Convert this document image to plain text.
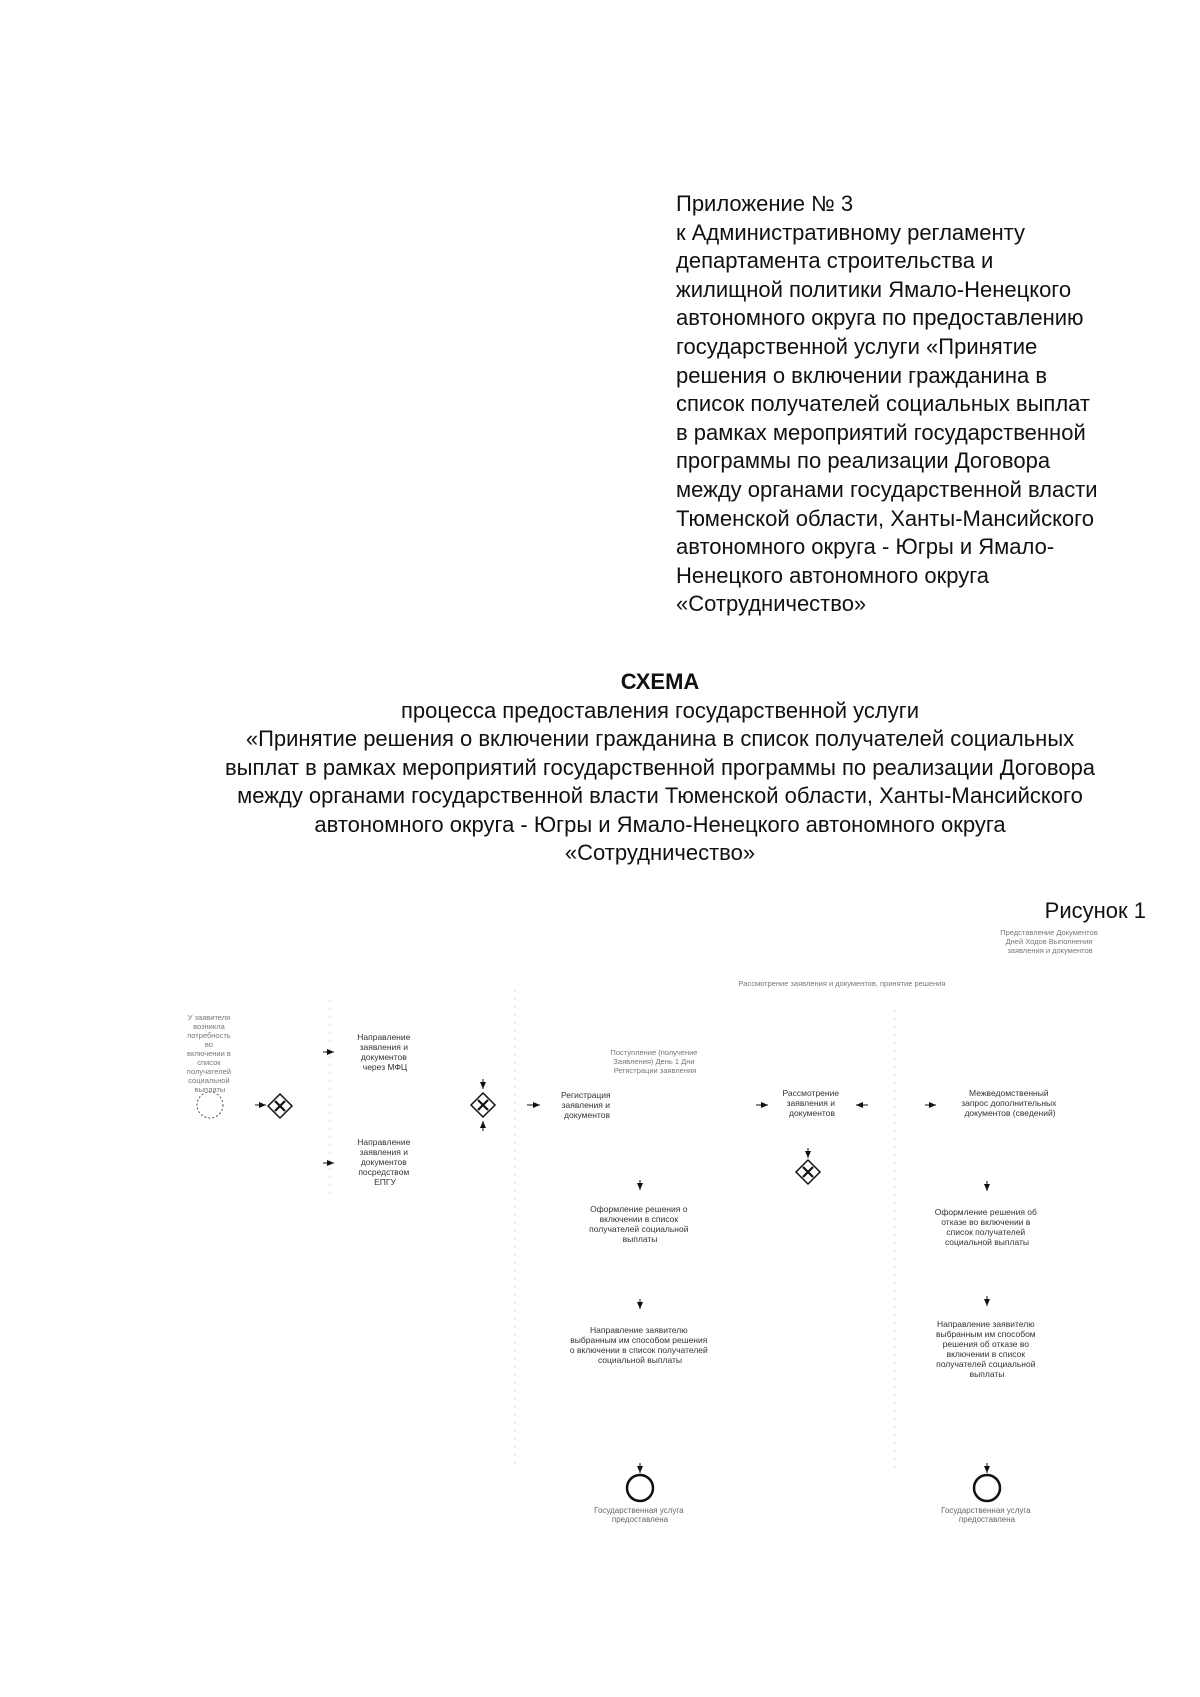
Приложение № 3
к Административному регламенту
департамента строительства и
жилищной политики Ямало-Ненецкого
автономного округа по предоставлению
государственной услуги «Принятие
решения о включении гражданина в
список получателей социальных выплат
в рамках мероприятий государственной
программы по реализации Договора
между органами государственной власти
Тюменской области, Ханты-Мансийского
автономного округа - Югры и Ямало-
Ненецкого автономного округа
«Сотрудничество»
СХЕМА
процесса предоставления государственной услуги
«Принятие решения о включении гражданина в список получателей социальных
выплат в рамках мероприятий государственной программы по реализации Договора
между органами государственной власти Тюменской области, Ханты-Мансийского
автономного округа - Югры и Ямало-Ненецкого автономного округа
«Сотрудничество»
Рисунок 1
Представление Документов Дней Ходов Выполнения заявления и документов
Рассмотрение заявления и документов, принятие решения
У заявителя возникла потребность во включении в список получателей социальной выплаты
Направление заявления и документов через МФЦ
Направление заявления и документов посредством ЕПГУ
Поступление (получение Заявления) День 1 Дни Регистрации заявления
Регистрация заявления и документов
Рассмотрение заявления и документов
Межведомственный запрос дополнительных документов (сведений)
Оформление решения о включении в список получателей социальной выплаты
Оформление решения об отказе во включении в список получателей социальной выплаты
Направление заявителю выбранным им способом решения о включении в список получателей социальной выплаты
Направление заявителю выбранным им способом решения об отказе во включении в список получателей социальной выплаты
Государственная услуга предоставлена
Государственная услуга предоставлена
